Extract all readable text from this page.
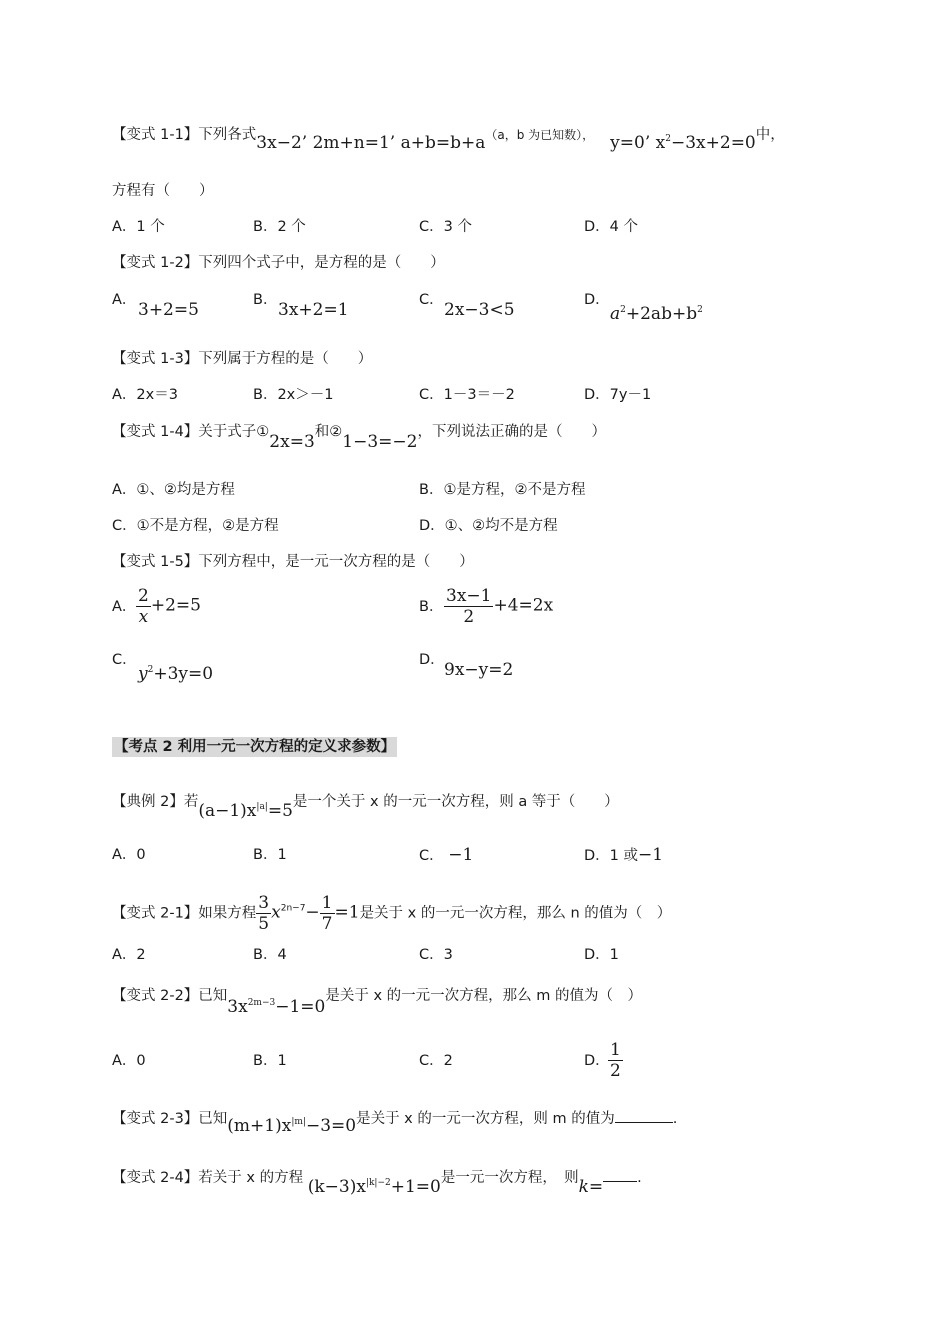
【变式 1-1】下列各式3x−2’ 2m+n=1’ a+b=b+a（a，b 为已知数）， y=0’ $x^2-3x+2=0$中，
方程有（　　）
A．1 个	B．2 个	C．3 个	D．4 个
【变式 1-2】下列四个式子中，是方程的是（　　）
A． 3+2=5	B． 3x+2=1	C． 2x−3<5	D．
$a^2+2ab+b^2$
【变式 1-3】下列属于方程的是（　　）
A．2x＝3	B．2x＞－1	C．1－3＝－2	D．7y－1
【变式 1-4】关于式子①2x=3和②1−3=−2，下列说法正确的是（　　）
A．①、②均是方程	B．①是方程，②不是方程
C．①不是方程，②是方程	D．①、②均不是方程
【变式 1-5】下列方程中，是一元一次方程的是（　　）
A． $\frac{2}{x} +2=5$	B． $\frac{3x-1}{2} +4=2x$
C．
$y^2+3y=0$
D． 9x−y=2
【考点 2 利用一元一次方程的定义求参数】
【典例 2】若$(a-1)x^{|a|}=5$是一个关于 x 的一元一次方程，则 a 等于（　　）
A．0	B．1	C． −1	D．1 或−1
【变式 2-1】如果方程 $\frac{3}{5} x^{2n-7}- \frac{1}{7} =1$是关于 x 的一元一次方程，那么 n 的值为（　）
A．2	B．4	C．3	D．1
【变式 2-2】已知$3x^{2m-3}-1=0$是关于 x 的一元一次方程，那么 m 的值为（　）
A．0	B．1	C．2	D．
$\frac{1}{2}$
【变式 2-3】已知$(m+1)x^{|m|}-3=0$是关于 x 的一元一次方程，则 m 的值为	.
【变式 2-4】若关于 x 的方程 $(k-3)x^{|k|-2}+1=0$是一元一次方程，　则k= .
